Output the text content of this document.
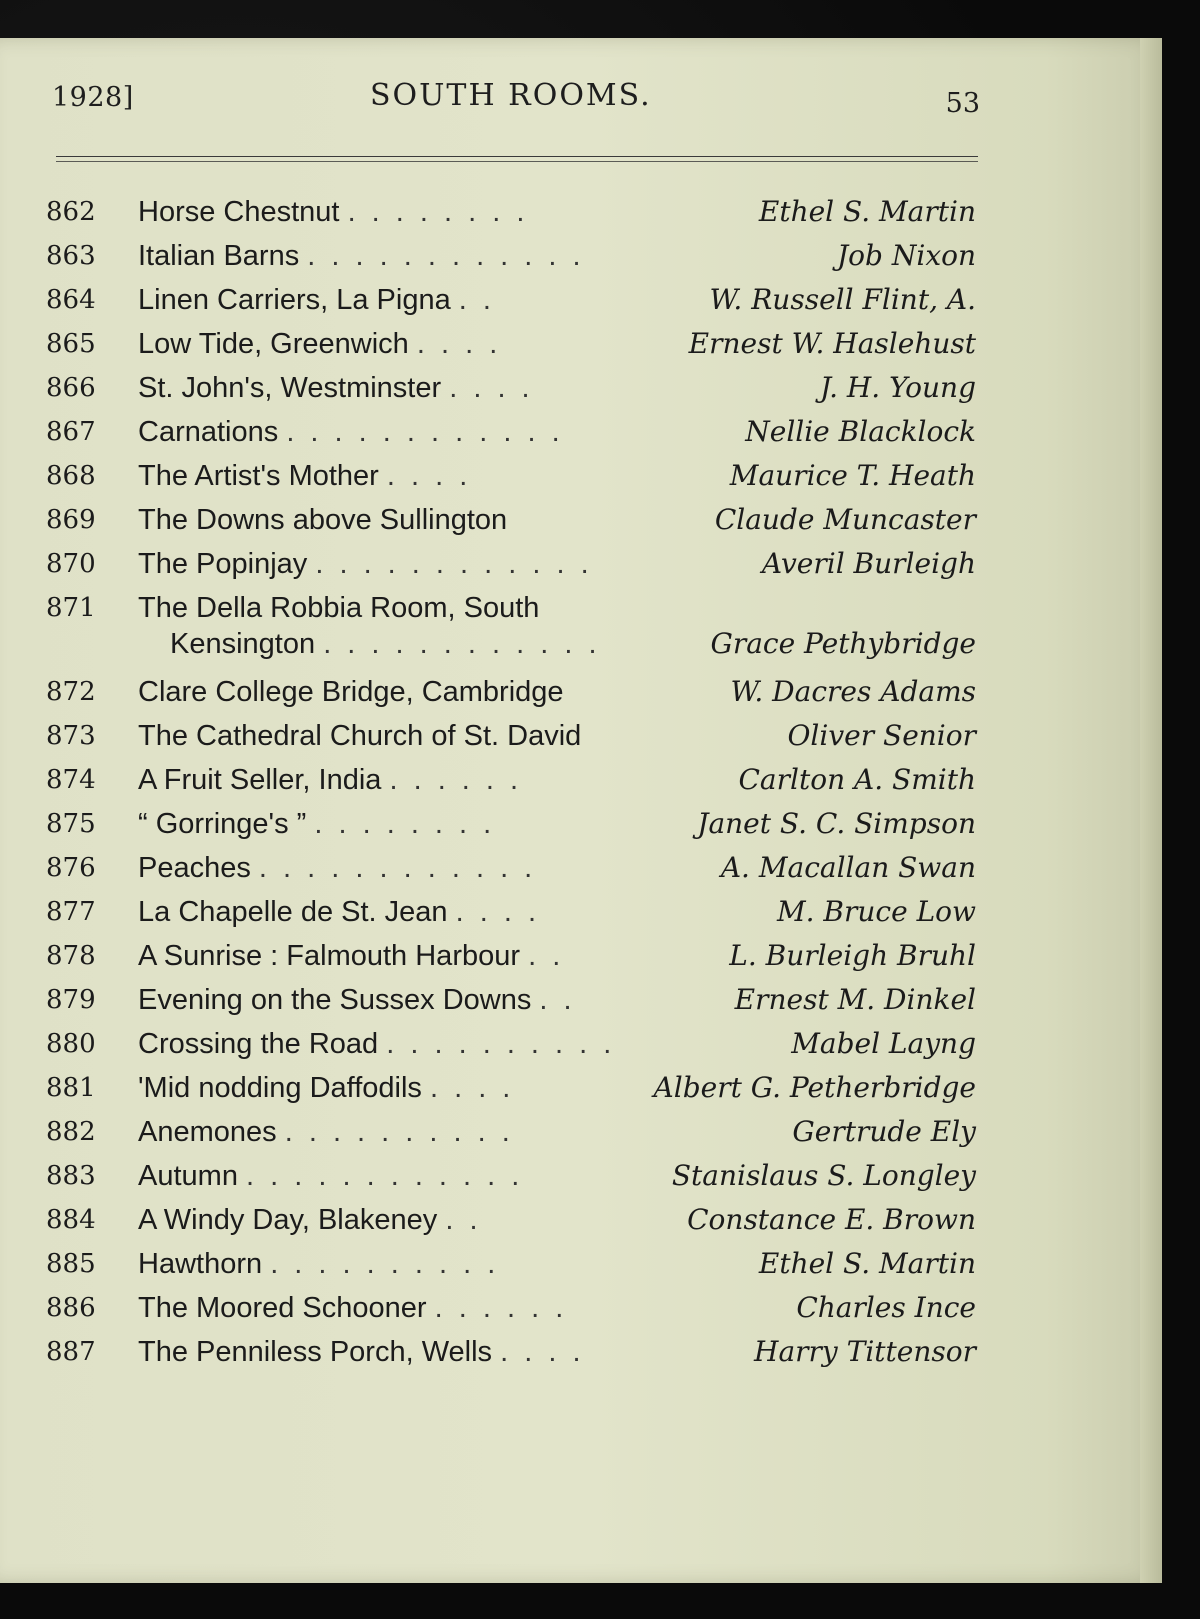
1928]	SOUTH ROOMS.	53
862 Horse Chestnut . . . . . . . .	Ethel S. Martin
863 Italian Barns . . . . . . . . . . . .	Job Nixon
864 Linen Carriers, La Pigna . .	W. Russell Flint, A.
865 Low Tide, Greenwich . . . .	Ernest W. Haslehust
866 St. John's, Westminster . . . .	J. H. Young
867 Carnations . . . . . . . . . . . .	Nellie Blacklock
868 The Artist's Mother . . . .	Maurice T. Heath
869 The Downs above Sullington	Claude Muncaster
870 The Popinjay . . . . . . . . . . . .	Averil Burleigh
871 The Della Robbia Room, South
Kensington . . . . . . . . . . . .	Grace Pethybridge
872 Clare College Bridge, Cambridge	W. Dacres Adams
873 The Cathedral Church of St. David	Oliver Senior
874 A Fruit Seller, India . . . . . .	Carlton A. Smith
875 “ Gorringe's ” . . . . . . . .	Janet S. C. Simpson
876 Peaches . . . . . . . . . . . .	A. Macallan Swan
877 La Chapelle de St. Jean . . . .	M. Bruce Low
878 A Sunrise : Falmouth Harbour . .	L. Burleigh Bruhl
879 Evening on the Sussex Downs . .	Ernest M. Dinkel
880 Crossing the Road . . . . . . . . . .	Mabel Layng
881 'Mid nodding Daffodils . . . .	Albert G. Petherbridge
882 Anemones . . . . . . . . . .	Gertrude Ely
883 Autumn . . . . . . . . . . . .	Stanislaus S. Longley
884 A Windy Day, Blakeney . .	Constance E. Brown
885 Hawthorn . . . . . . . . . .	Ethel S. Martin
886 The Moored Schooner . . . . . .	Charles Ince
887 The Penniless Porch, Wells . . . .	Harry Tittensor
